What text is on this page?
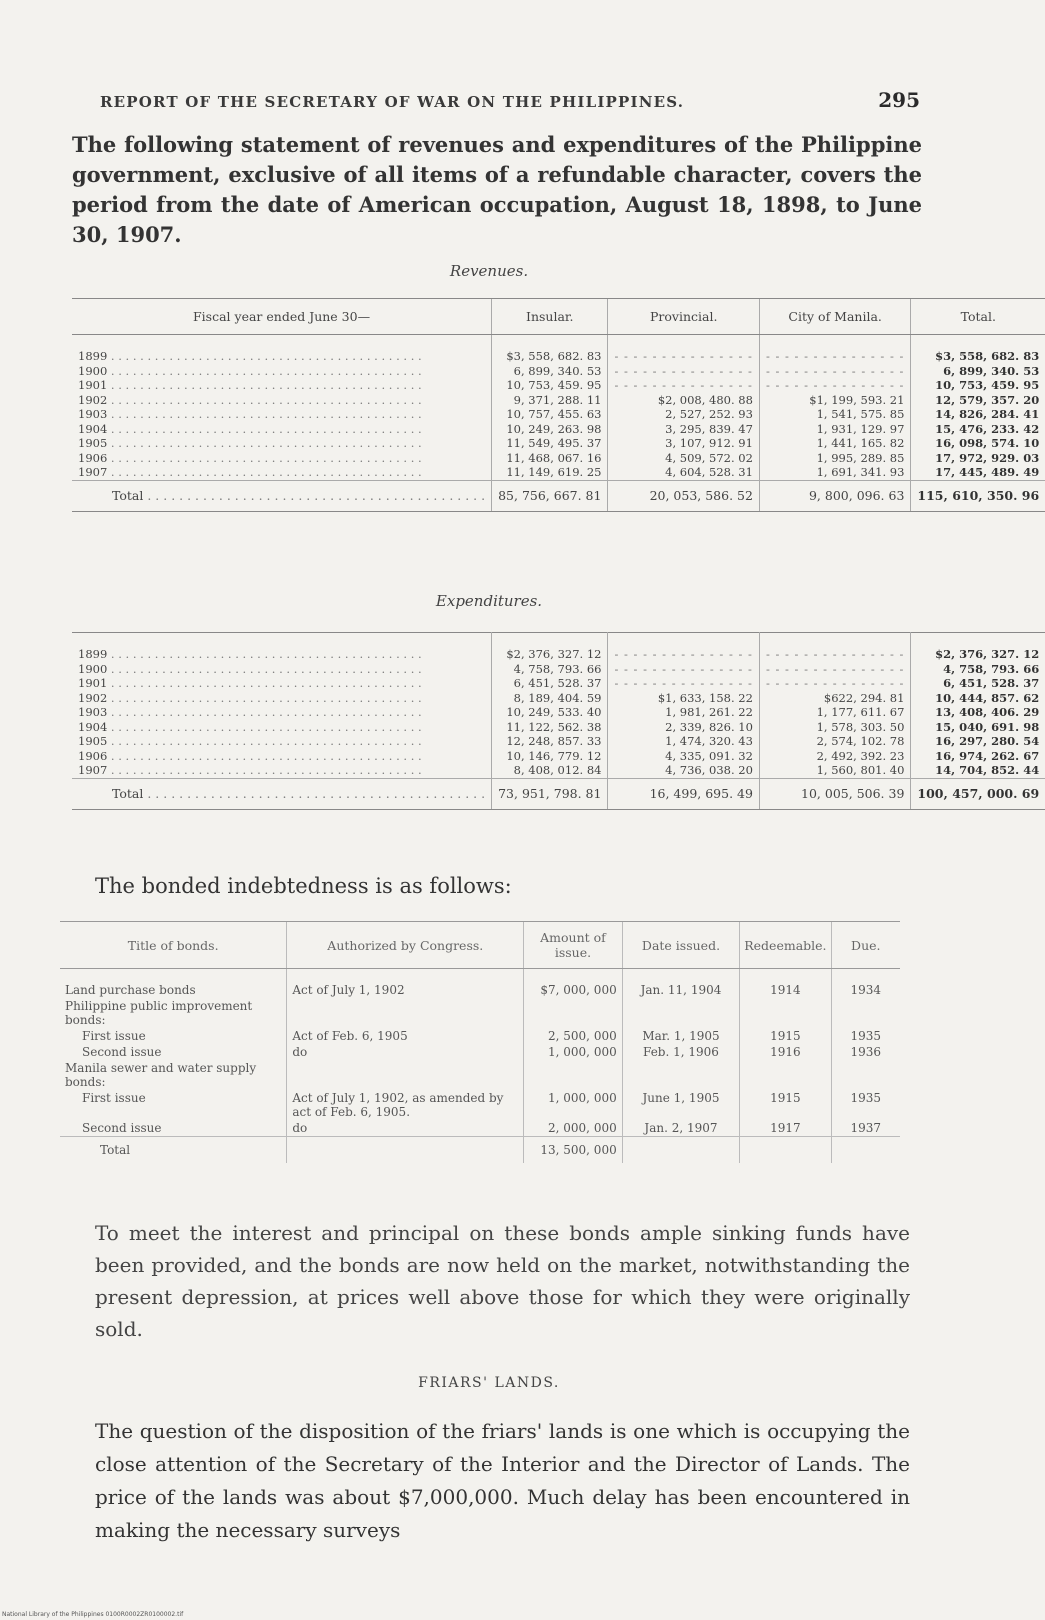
REPORT OF THE SECRETARY OF WAR ON THE PHILIPPINES.	295
The following statement of revenues and expenditures of the Philippine government, exclusive of all items of a refundable character, covers the period from the date of American occupation, August 18, 1898, to June 30, 1907.
Revenues.
Fiscal year ended June 30—	Insular.	Provincial.	City of Manila.	Total.
1899 . . .	$3, 558, 682. 83	- - - - - - - - - - - - - - -	- - - - - - - - - - - - - - -	$3, 558, 682. 83
1900 . . .	6, 899, 340. 53	- - - - - - - - - - - - - - -	- - - - - - - - - - - - - - -	6, 899, 340. 53
1901 . . .	10, 753, 459. 95	- - - - - - - - - - - - - - -	- - - - - - - - - - - - - - -	10, 753, 459. 95
1902 . . .	9, 371, 288. 11	$2, 008, 480. 88	$1, 199, 593. 21	12, 579, 357. 20
1903 . . .	10, 757, 455. 63	2, 527, 252. 93	1, 541, 575. 85	14, 826, 284. 41
1904 . . .	10, 249, 263. 98	3, 295, 839. 47	1, 931, 129. 97	15, 476, 233. 42
1905 . . .	11, 549, 495. 37	3, 107, 912. 91	1, 441, 165. 82	16, 098, 574. 10
1906 . . .	11, 468, 067. 16	4, 509, 572. 02	1, 995, 289. 85	17, 972, 929. 03
1907 . . .	11, 149, 619. 25	4, 604, 528. 31	1, 691, 341. 93	17, 445, 489. 49
Total . . .	85, 756, 667. 81	20, 053, 586. 52	9, 800, 096. 63	115, 610, 350. 96
Expenditures.
1899 . . .	$2, 376, 327. 12	- - - - - - - - - - - - - - -	- - - - - - - - - - - - - - -	$2, 376, 327. 12
1900 . . .	4, 758, 793. 66	- - - - - - - - - - - - - - -	- - - - - - - - - - - - - - -	4, 758, 793. 66
1901 . . .	6, 451, 528. 37	- - - - - - - - - - - - - - -	- - - - - - - - - - - - - - -	6, 451, 528. 37
1902 . . .	8, 189, 404. 59	$1, 633, 158. 22	$622, 294. 81	10, 444, 857. 62
1903 . . .	10, 249, 533. 40	1, 981, 261. 22	1, 177, 611. 67	13, 408, 406. 29
1904 . . .	11, 122, 562. 38	2, 339, 826. 10	1, 578, 303. 50	15, 040, 691. 98
1905 . . .	12, 248, 857. 33	1, 474, 320. 43	2, 574, 102. 78	16, 297, 280. 54
1906 . . .	10, 146, 779. 12	4, 335, 091. 32	2, 492, 392. 23	16, 974, 262. 67
1907 . . .	8, 408, 012. 84	4, 736, 038. 20	1, 560, 801. 40	14, 704, 852. 44
Total . . .	73, 951, 798. 81	16, 499, 695. 49	10, 005, 506. 39	100, 457, 000. 69
The bonded indebtedness is as follows:
Title of bonds.	Authorized by Congress.	Amount of issue.	Date issued.	Redeemable.	Due.
Land purchase bonds	Act of July 1, 1902	$7, 000, 000	Jan. 11, 1904	1914	1934
Philippine public improvement bonds:					
First issue	Act of Feb. 6, 1905	2, 500, 000	Mar. 1, 1905	1915	1935
Second issue	do	1, 000, 000	Feb. 1, 1906	1916	1936
Manila sewer and water supply bonds:					
First issue	Act of July 1, 1902, as amended by act of Feb. 6, 1905.	1, 000, 000	June 1, 1905	1915	1935
Second issue	do	2, 000, 000	Jan. 2, 1907	1917	1937
Total		13, 500, 000			
To meet the interest and principal on these bonds ample sinking funds have been provided, and the bonds are now held on the market, notwithstanding the present depression, at prices well above those for which they were originally sold.
FRIARS' LANDS.
The question of the disposition of the friars' lands is one which is occupying the close attention of the Secretary of the Interior and the Director of Lands. The price of the lands was about $7,000,000. Much delay has been encountered in making the necessary surveys
National Library of the Philippines 0100R0002ZR0100002.tif
